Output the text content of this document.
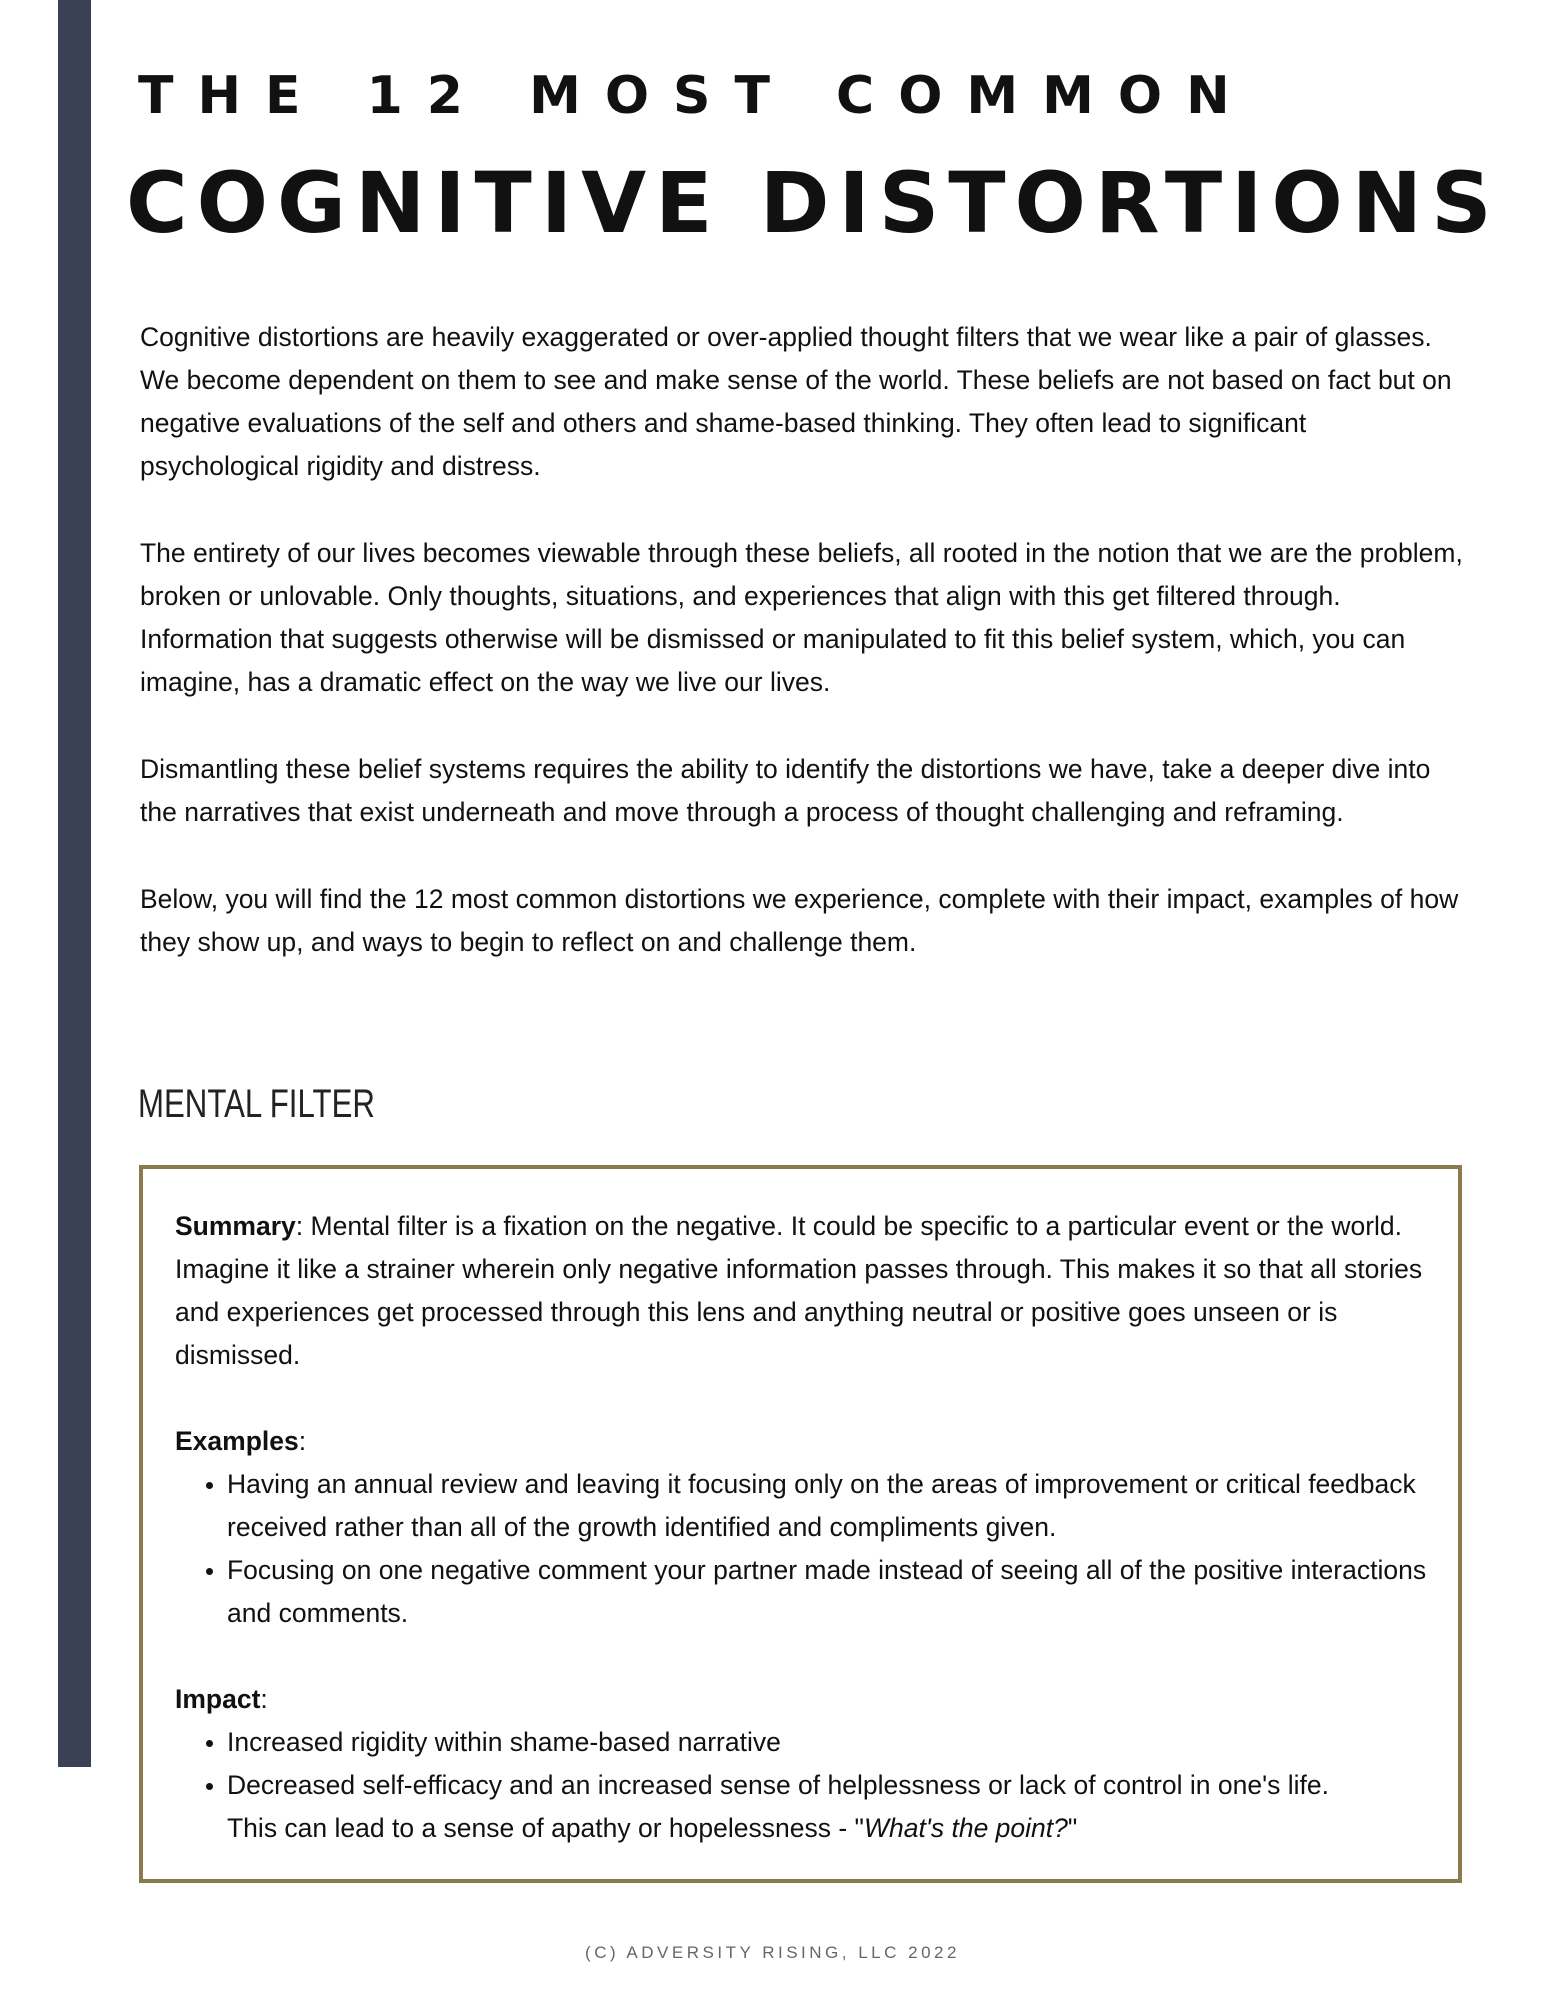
THE 12 MOST COMMON
COGNITIVE DISTORTIONS

Cognitive distortions are heavily exaggerated or over-applied thought filters that we wear like a pair of glasses. We become dependent on them to see and make sense of the world. These beliefs are not based on fact but on negative evaluations of the self and others and shame-based thinking. They often lead to significant psychological rigidity and distress.

The entirety of our lives becomes viewable through these beliefs, all rooted in the notion that we are the problem, broken or unlovable. Only thoughts, situations, and experiences that align with this get filtered through. Information that suggests otherwise will be dismissed or manipulated to fit this belief system, which, you can imagine, has a dramatic effect on the way we live our lives.

Dismantling these belief systems requires the ability to identify the distortions we have, take a deeper dive into the narratives that exist underneath and move through a process of thought challenging and reframing.

Below, you will find the 12 most common distortions we experience, complete with their impact, examples of how they show up, and ways to begin to reflect on and challenge them.

MENTAL FILTER

Summary: Mental filter is a fixation on the negative. It could be specific to a particular event or the world. Imagine it like a strainer wherein only negative information passes through. This makes it so that all stories and experiences get processed through this lens and anything neutral or positive goes unseen or is dismissed.

Examples:

• Having an annual review and leaving it focusing only on the areas of improvement or critical feedback received rather than all of the growth identified and compliments given.
• Focusing on one negative comment your partner made instead of seeing all of the positive interactions and comments.

Impact:

• Increased rigidity within shame-based narrative
• Decreased self-efficacy and an increased sense of helplessness or lack of control in one's life.
This can lead to a sense of apathy or hopelessness - "What's the point?"
(C) ADVERSITY RISING, LLC 2022
